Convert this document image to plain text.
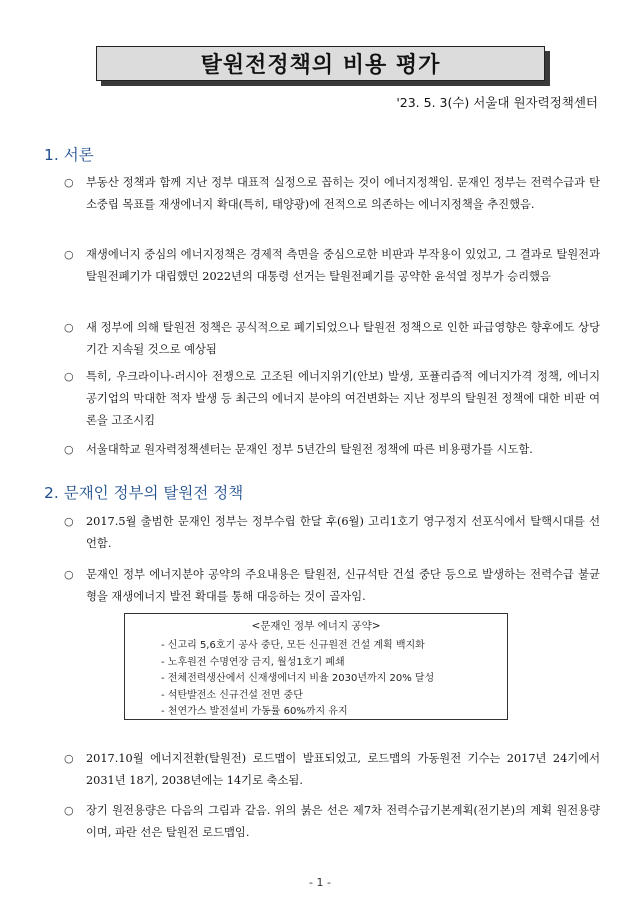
탈원전정책의 비용 평가
'23. 5. 3(수) 서울대 원자력정책센터
1. 서론
○	부동산 정책과 함께 지난 정부 대표적 실정으로 꼽히는 것이 에너지정책임. 문재인 정부는 전력수급과 탄소중립 목표를 재생에너지 확대(특히, 태양광)에 전적으로 의존하는 에너지정책을 추진했음.
○	재생에너지 중심의 에너지정책은 경제적 측면을 중심으로한 비판과 부작용이 있었고, 그 결과로 탈원전과 탈원전폐기가 대립했던 2022년의 대통령 선거는 탈원전폐기를 공약한 윤석열 정부가 승리했음
○	새 정부에 의해 탈원전 정책은 공식적으로 폐기되었으나 탈원전 정책으로 인한 파급영향은 향후에도 상당기간 지속될 것으로 예상됨
○	특히, 우크라이나-러시아 전쟁으로 고조된 에너지위기(안보) 발생, 포퓰리즘적 에너지가격 정책, 에너지공기업의 막대한 적자 발생 등 최근의 에너지 분야의 여건변화는 지난 정부의 탈원전 정책에 대한 비판 여론을 고조시킴
○	서울대학교 원자력정책센터는 문재인 정부 5년간의 탈원전 정책에 따른 비용평가를 시도함.
2. 문재인 정부의 탈원전 정책
○	2017.5월 출범한 문재인 정부는 정부수립 한달 후(6월) 고리1호기 영구정지 선포식에서 탈핵시대를 선언함.
○	문재인 정부 에너지분야 공약의 주요내용은 탈원전, 신규석탄 건설 중단 등으로 발생하는 전력수급 불균형을 재생에너지 발전 확대를 통해 대응하는 것이 골자임.
<문재인 정부 에너지 공약>
- 신고리 5,6호기 공사 중단, 모든 신규원전 건설 계획 백지화
- 노후원전 수명연장 금지, 월성1호기 폐쇄
- 전체전력생산에서 신재생에너지 비율 2030년까지 20% 달성
- 석탄발전소 신규건설 전면 중단
- 천연가스 발전설비 가동률 60%까지 유지
○	2017.10월 에너지전환(탈원전) 로드맵이 발표되었고, 로드맵의 가동원전 기수는 2017년 24기에서 2031년 18기, 2038년에는 14기로 축소됨.
○	장기 원전용량은 다음의 그림과 같음. 위의 붉은 선은 제7차 전력수급기본계획(전기본)의 계획 원전용량이며, 파란 선은 탈원전 로드맵임.
- 1 -
